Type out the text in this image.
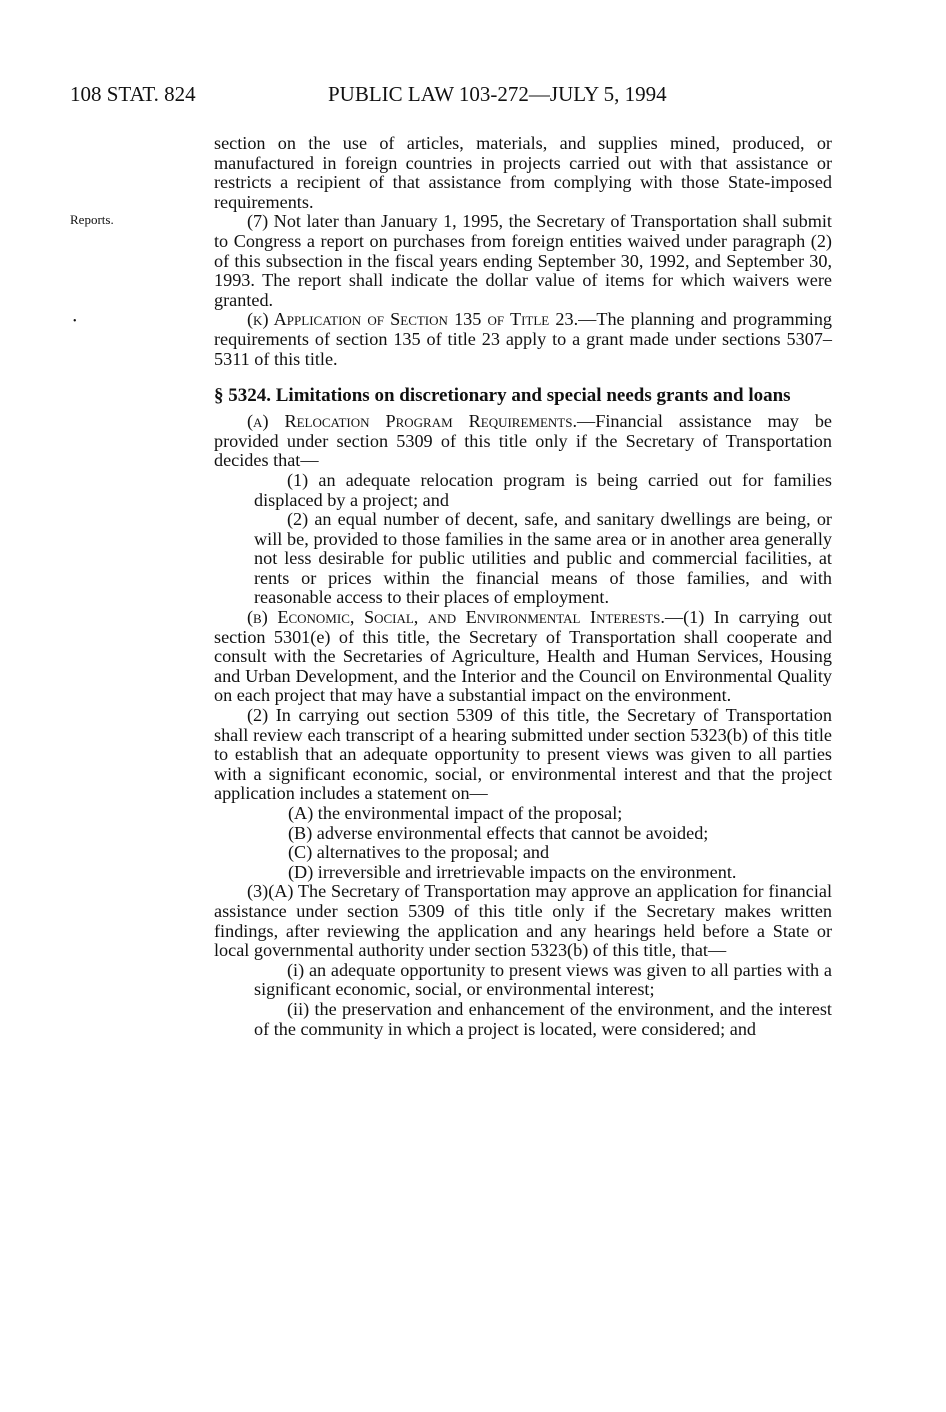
108 STAT. 824	PUBLIC LAW 103-272—JULY 5, 1994
Reports.
•

section on the use of articles, materials, and supplies mined, produced, or manufactured in foreign countries in projects carried out with that assistance or restricts a recipient of that assistance from complying with those State-imposed requirements.

(7) Not later than January 1, 1995, the Secretary of Transportation shall submit to Congress a report on purchases from foreign entities waived under paragraph (2) of this subsection in the fiscal years ending September 30, 1992, and September 30, 1993. The report shall indicate the dollar value of items for which waivers were granted.

(k) Application of Section 135 of Title 23.—The planning and programming requirements of section 135 of title 23 apply to a grant made under sections 5307–5311 of this title.

§ 5324. Limitations on discretionary and special needs grants and loans

(a) Relocation Program Requirements.—Financial assistance may be provided under section 5309 of this title only if the Secretary of Transportation decides that—

(1) an adequate relocation program is being carried out for families displaced by a project; and

(2) an equal number of decent, safe, and sanitary dwellings are being, or will be, provided to those families in the same area or in another area generally not less desirable for public utilities and public and commercial facilities, at rents or prices within the financial means of those families, and with reasonable access to their places of employment.

(b) Economic, Social, and Environmental Interests.—(1) In carrying out section 5301(e) of this title, the Secretary of Transportation shall cooperate and consult with the Secretaries of Agriculture, Health and Human Services, Housing and Urban Development, and the Interior and the Council on Environmental Quality on each project that may have a substantial impact on the environment.

(2) In carrying out section 5309 of this title, the Secretary of Transportation shall review each transcript of a hearing submitted under section 5323(b) of this title to establish that an adequate opportunity to present views was given to all parties with a significant economic, social, or environmental interest and that the project application includes a statement on—

(A) the environmental impact of the proposal;

(B) adverse environmental effects that cannot be avoided;

(C) alternatives to the proposal; and

(D) irreversible and irretrievable impacts on the environment.

(3)(A) The Secretary of Transportation may approve an application for financial assistance under section 5309 of this title only if the Secretary makes written findings, after reviewing the application and any hearings held before a State or local governmental authority under section 5323(b) of this title, that—

(i) an adequate opportunity to present views was given to all parties with a significant economic, social, or environmental interest;

(ii) the preservation and enhancement of the environment, and the interest of the community in which a project is located, were considered; and
